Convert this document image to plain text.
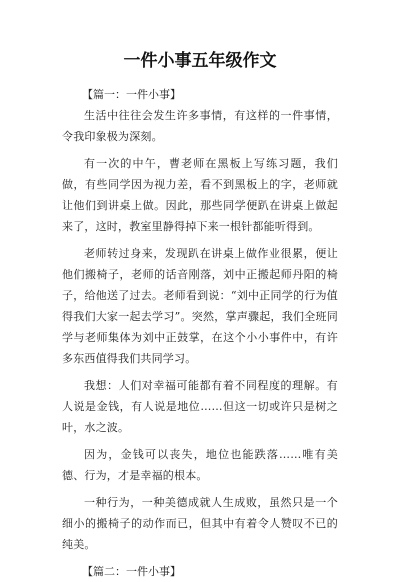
一件小事五年级作文
【篇一：一件小事】

生活中往往会发生许多事情，有这样的一件事情，令我印象极为深刻。

有一次的中午，曹老师在黑板上写练习题，我们做，有些同学因为视力差，看不到黑板上的字，老师就让他们到讲桌上做。因此，那些同学便趴在讲桌上做起来了，这时，教室里静得掉下来一根针都能听得到。

老师转过身来，发现趴在讲桌上做作业很累，便让他们搬椅子，老师的话音刚落，刘中正搬起师丹阳的椅子，给他送了过去。老师看到说：“刘中正同学的行为值得我们大家一起去学习”。突然，掌声骤起，我们全班同学与老师集体为刘中正鼓掌，在这个小小事件中，有许多东西值得我们共同学习。

我想：人们对幸福可能都有着不同程度的理解。有人说是金钱，有人说是地位……但这一切或许只是树之叶，水之波。

因为，金钱可以丧失，地位也能跌落……唯有美德、行为，才是幸福的根本。

一种行为，一种美德成就人生成败，虽然只是一个细小的搬椅子的动作而已，但其中有着令人赞叹不已的纯美。

【篇二：一件小事】
